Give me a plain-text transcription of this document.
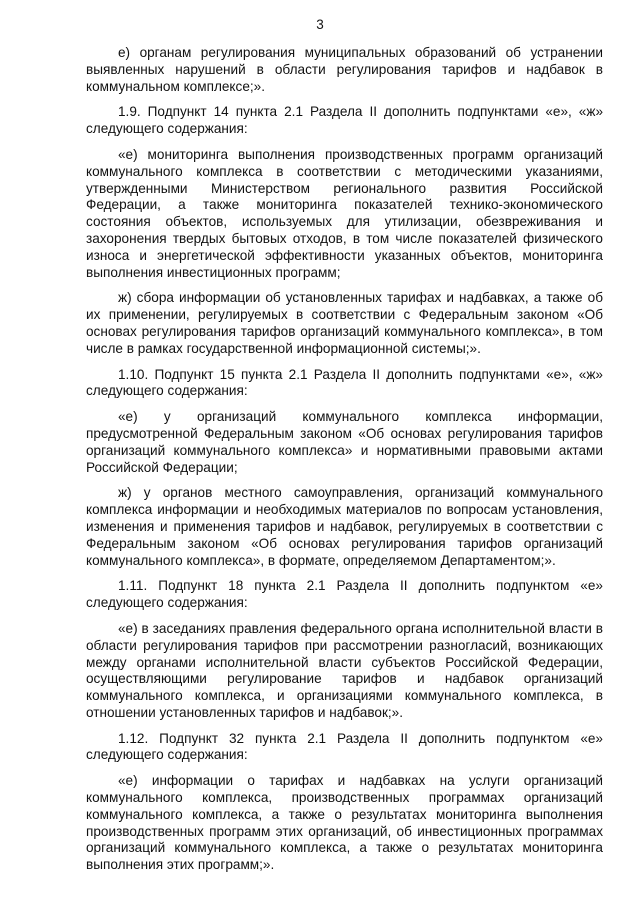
3

е) органам регулирования муниципальных образований об устранении выявленных нарушений в области регулирования тарифов и надбавок в коммунальном комплексе;».

1.9. Подпункт 14 пункта 2.1 Раздела II дополнить подпунктами «е», «ж» следующего содержания:

«е) мониторинга выполнения производственных программ организаций коммунального комплекса в соответствии с методическими указаниями, утвержденными Министерством регионального развития Российской Федерации, а также мониторинга показателей технико-экономического состояния объектов, используемых для утилизации, обезвреживания и захоронения твердых бытовых отходов, в том числе показателей физического износа и энергетической эффективности указанных объектов, мониторинга выполнения инвестиционных программ;

ж) сбора информации об установленных тарифах и надбавках, а также об их применении, регулируемых в соответствии с Федеральным законом «Об основах регулирования тарифов организаций коммунального комплекса», в том числе в рамках государственной информационной системы;».

1.10. Подпункт 15 пункта 2.1 Раздела II дополнить подпунктами «е», «ж» следующего содержания:

«е) у организаций коммунального комплекса информации, предусмотренной Федеральным законом «Об основах регулирования тарифов организаций коммунального комплекса» и нормативными правовыми актами Российской Федерации;

ж) у органов местного самоуправления, организаций коммунального комплекса информации и необходимых материалов по вопросам установления, изменения и применения тарифов и надбавок, регулируемых в соответствии с Федеральным законом «Об основах регулирования тарифов организаций коммунального комплекса», в формате, определяемом Департаментом;».

1.11. Подпункт 18 пункта 2.1 Раздела II дополнить подпунктом «е» следующего содержания:

«е) в заседаниях правления федерального органа исполнительной власти в области регулирования тарифов при рассмотрении разногласий, возникающих между органами исполнительной власти субъектов Российской Федерации, осуществляющими регулирование тарифов и надбавок организаций коммунального комплекса, и организациями коммунального комплекса, в отношении установленных тарифов и надбавок;».

1.12. Подпункт 32 пункта 2.1 Раздела II дополнить подпунктом «е» следующего содержания:

«е) информации о тарифах и надбавках на услуги организаций коммунального комплекса, производственных программах организаций коммунального комплекса, а также о результатах мониторинга выполнения производственных программ этих организаций, об инвестиционных программах организаций коммунального комплекса, а также о результатах мониторинга выполнения этих программ;».
